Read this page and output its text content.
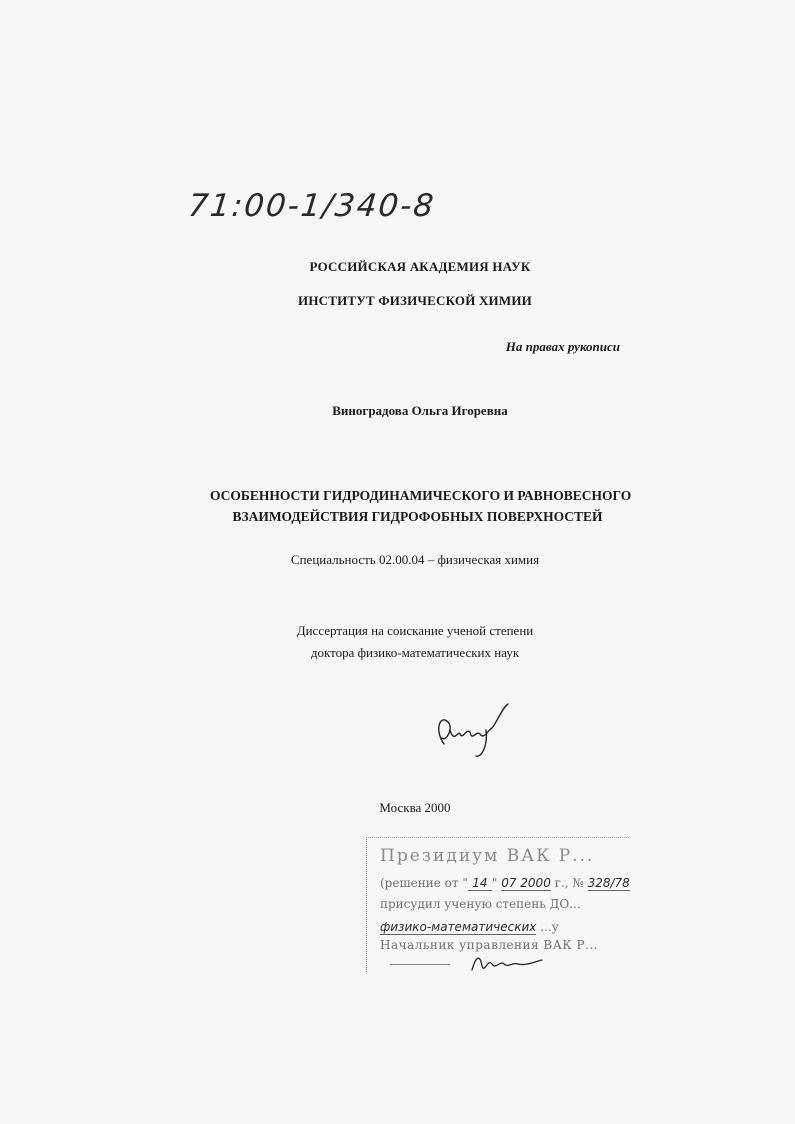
71:00-1/340-8

РОССИЙСКАЯ АКАДЕМИЯ НАУК

ИНСТИТУТ ФИЗИЧЕСКОЙ ХИМИИ

На правах рукописи

Виноградова Ольга Игоревна

ОСОБЕННОСТИ ГИДРОДИНАМИЧЕСКОГО И РАВНОВЕСНОГО

ВЗАИМОДЕЙСТВИЯ ГИДРОФОБНЫХ ПОВЕРХНОСТЕЙ

Специальность 02.00.04 – физическая химия

Диссертация на соискание ученой степени

доктора физико-математических наук

Москва 2000

Президиум ВАК Р...
(решение от " 14 " 07 2000 г., № 328/78
присудил ученую степень ДО...
физико-математических ...у
Начальник управления ВАК Р...
